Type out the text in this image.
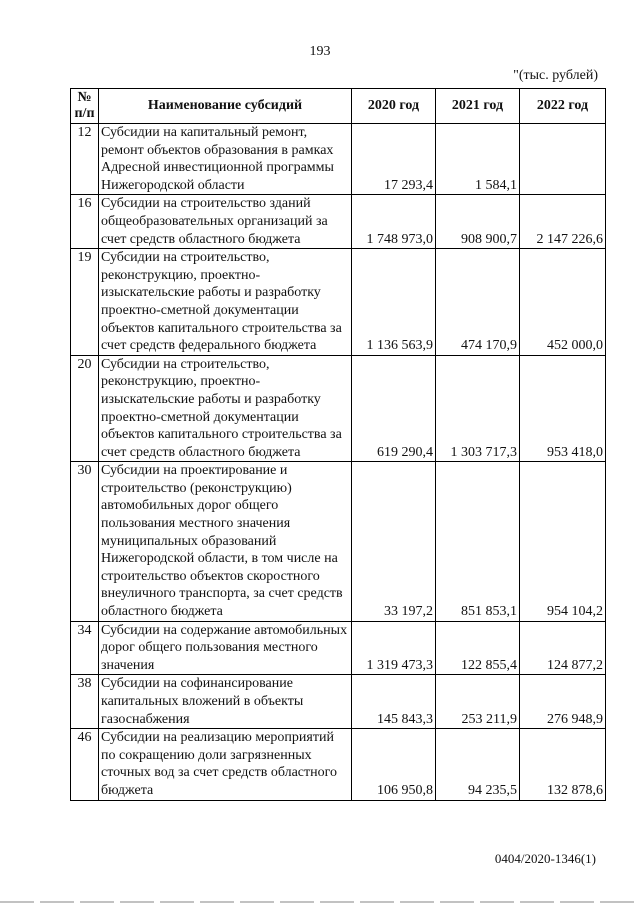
193
"(тыс. рублей)
№ п/п	Наименование субсидий	2020 год	2021 год	2022 год
12	Субсидии на капитальный ремонт, ремонт объектов образования в рамках Адресной инвестиционной программы Нижегородской области	17 293,4	1 584,1	
16	Субсидии на строительство зданий общеобразовательных организаций за счет средств областного бюджета	1 748 973,0	908 900,7	2 147 226,6
19	Субсидии на строительство, реконструкцию, проектно-изыскательские работы и разработку проектно-сметной документации объектов капитального строительства за счет средств федерального бюджета	1 136 563,9	474 170,9	452 000,0
20	Субсидии на строительство, реконструкцию, проектно-изыскательские работы и разработку проектно-сметной документации объектов капитального строительства за счет средств областного бюджета	619 290,4	1 303 717,3	953 418,0
30	Субсидии на проектирование и строительство (реконструкцию) автомобильных дорог общего пользования местного значения муниципальных образований Нижегородской области, в том числе на строительство объектов скоростного внеуличного транспорта, за счет средств областного бюджета	33 197,2	851 853,1	954 104,2
34	Субсидии на содержание автомобильных дорог общего пользования местного значения	1 319 473,3	122 855,4	124 877,2
38	Субсидии на софинансирование капитальных вложений в объекты газоснабжения	145 843,3	253 211,9	276 948,9
46	Субсидии на реализацию мероприятий по сокращению доли загрязненных сточных вод за счет средств областного бюджета	106 950,8	94 235,5	132 878,6
0404/2020-1346(1)
